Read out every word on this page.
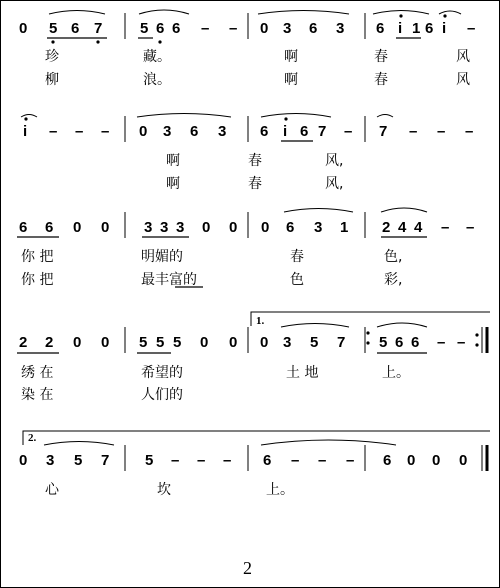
0 5 6 7	5 6 6 – – 0 3 6 3 6 i 1 6 i –
珍	藏。	啊	春	风
柳	浪。	啊	春	风
i – – – 0 3 6 3 6 i 6 7 – 7 – – –
啊	春	风,
啊	春	风,
6 6 0 0 3 3 3 0 0 0 6 3 1 2 4 4 – –
你 把	明媚的	春	色,
你 把	最丰富的	色	彩,
1.
2 2 0 0 5 5 5 0 0 0 3 5 7 5 6 6 – –
绣 在	希望的	土 地	上。
染 在	人们的
2.
0 3 5 7 5 – – – 6 – – – 6 0 0 0
心	坎	上。
2
